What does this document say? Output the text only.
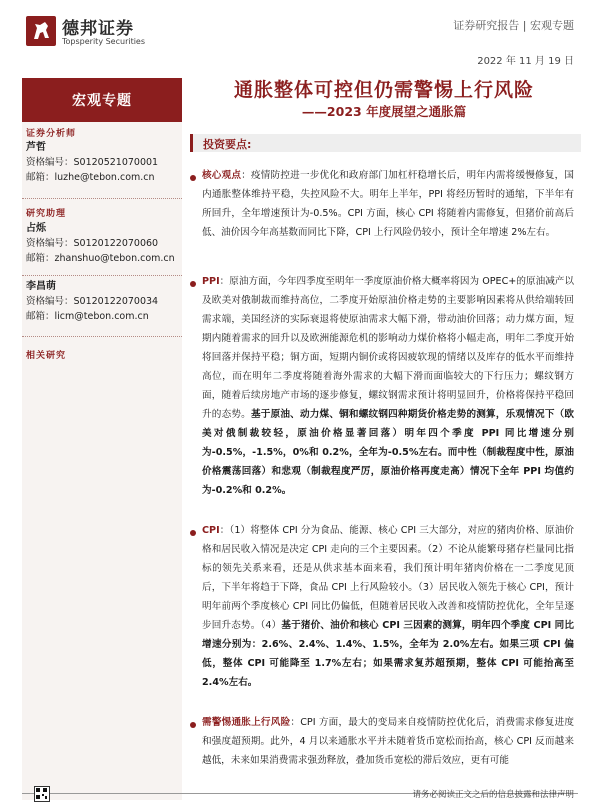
德邦证券
Topsperity Securities
证券研究报告 | 宏观专题
2022 年 11 月 19 日
宏观专题
证券分析师
芦哲
资格编号：S0120521070001
邮箱：luzhe@tebon.com.cn
研究助理
占烁
资格编号：S0120122070060
邮箱：zhanshuo@tebon.com.cn
李昌萌
资格编号：S0120122070034
邮箱：licm@tebon.com.cn
相关研究
通胀整体可控但仍需警惕上行风险
——2023 年度展望之通胀篇
投资要点:
核心观点：疫情防控进一步优化和政府部门加杠杆稳增长后，明年内需将缓慢修复，国内通胀整体维持平稳，失控风险不大。明年上半年，PPI 将经历暂时的通缩，下半年有所回升，全年增速预计为-0.5%。CPI 方面，核心 CPI 将随着内需修复，但猪价前高后低、油价因今年高基数而同比下降，CPI 上行风险仍较小，预计全年增速 2%左右。
PPI：原油方面，今年四季度至明年一季度原油价格大概率将因为 OPEC+的原油减产以及欧美对俄制裁而维持高位，二季度开始原油价格走势的主要影响因素将从供给端转回需求端，美国经济的实际衰退将使原油需求大幅下滑，带动油价回落；动力煤方面，短期内随着需求的回升以及欧洲能源危机的影响动力煤价格将小幅走高，明年二季度开始将回落并保持平稳；铜方面，短期内铜价或将因疲软现的情绪以及库存的低水平而维持高位，而在明年二季度将随着海外需求的大幅下滑而面临较大的下行压力；螺纹钢方面，随着后续房地产市场的逐步修复，螺纹钢需求预计将明显回升，价格将保持平稳回升的态势。基于原油、动力煤、铜和螺纹钢四种期货价格走势的测算，乐观情况下（欧美对俄制裁较轻，原油价格显著回落）明年四个季度 PPI 同比增速分别为-0.5%，-1.5%，0%和 0.2%，全年为-0.5%左右。而中性（制裁程度中性，原油价格震荡回落）和悲观（制裁程度严厉，原油价格再度走高）情况下全年 PPI 均值约为-0.2%和 0.2%。
CPI：（1）将整体 CPI 分为食品、能源、核心 CPI 三大部分，对应的猪肉价格、原油价格和居民收入情况是决定 CPI 走向的三个主要因素。（2）不论从能繁母猪存栏量同比指标的领先关系来看，还是从供求基本面来看，我们预计明年猪肉价格在一二季度见顶后，下半年将趋于下降，食品 CPI 上行风险较小。（3）居民收入领先于核心 CPI，预计明年前两个季度核心 CPI 同比仍偏低，但随着居民收入改善和疫情防控优化，全年呈逐步回升态势。（4）基于猪价、油价和核心 CPI 三因素的测算，明年四个季度 CPI 同比增速分别为：2.6%、2.4%、1.4%、1.5%，全年为 2.0%左右。如果三项 CPI 偏低，整体 CPI 可能降至 1.7%左右；如果需求复苏超预期，整体 CPI 可能抬高至 2.4%左右。
需警惕通胀上行风险：CPI 方面，最大的变局来自疫情防控优化后，消费需求修复进度和强度超预期。此外，4 月以来通胀水平并未随着货币宽松而抬高，核心 CPI 反而越来越低，未来如果消费需求强劲释放，叠加货币宽松的滞后效应，更有可能
请务必阅读正文之后的信息披露和法律声明
